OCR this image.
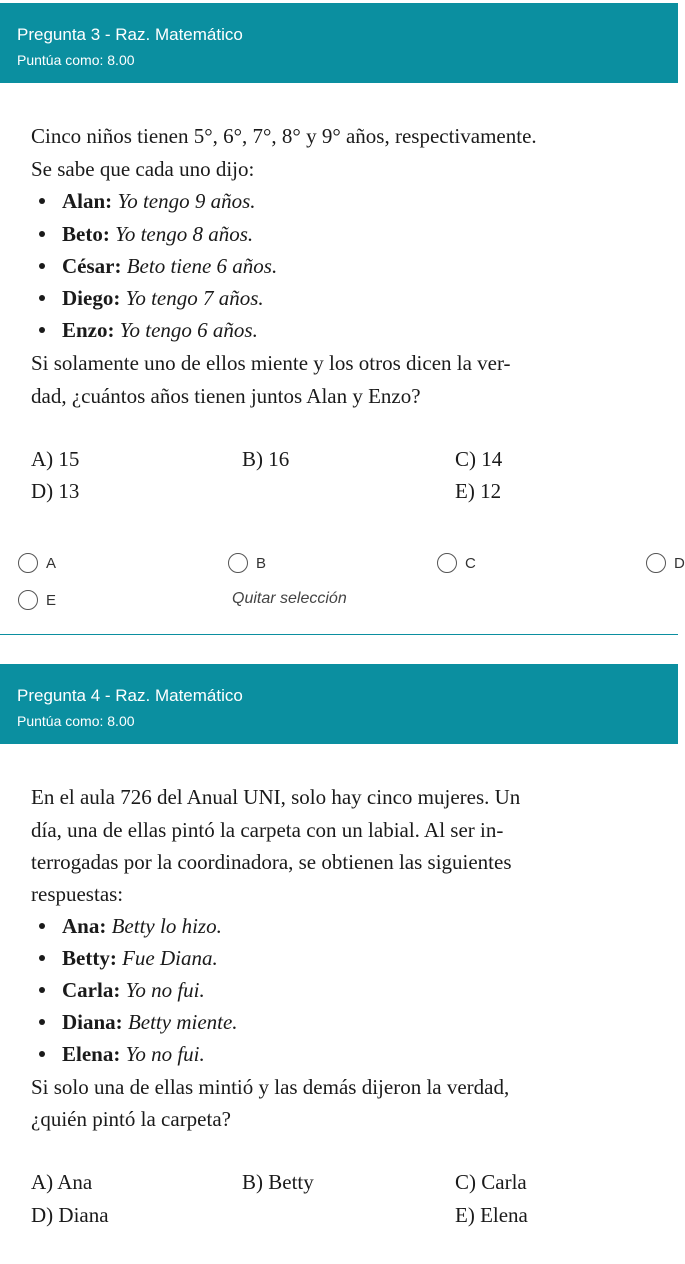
Pregunta 3 - Raz. Matemático
Puntúa como: 8.00
Cinco niños tienen 5°, 6°, 7°, 8° y 9° años, respectivamente.
Se sabe que cada uno dijo:
Alan: Yo tengo 9 años.
Beto: Yo tengo 8 años.
César: Beto tiene 6 años.
Diego: Yo tengo 7 años.
Enzo: Yo tengo 6 años.
Si solamente uno de ellos miente y los otros dicen la ver-
dad, ¿cuántos años tienen juntos Alan y Enzo?
A) 15	B) 16	C) 14
D) 13	E) 12
A	B	C	D
E	Quitar selección
Pregunta 4 - Raz. Matemático
Puntúa como: 8.00
En el aula 726 del Anual UNI, solo hay cinco mujeres. Un
día, una de ellas pintó la carpeta con un labial. Al ser in-
terrogadas por la coordinadora, se obtienen las siguientes
respuestas:
Ana: Betty lo hizo.
Betty: Fue Diana.
Carla: Yo no fui.
Diana: Betty miente.
Elena: Yo no fui.
Si solo una de ellas mintió y las demás dijeron la verdad,
¿quién pintó la carpeta?
A) Ana	B) Betty	C) Carla
D) Diana	E) Elena
